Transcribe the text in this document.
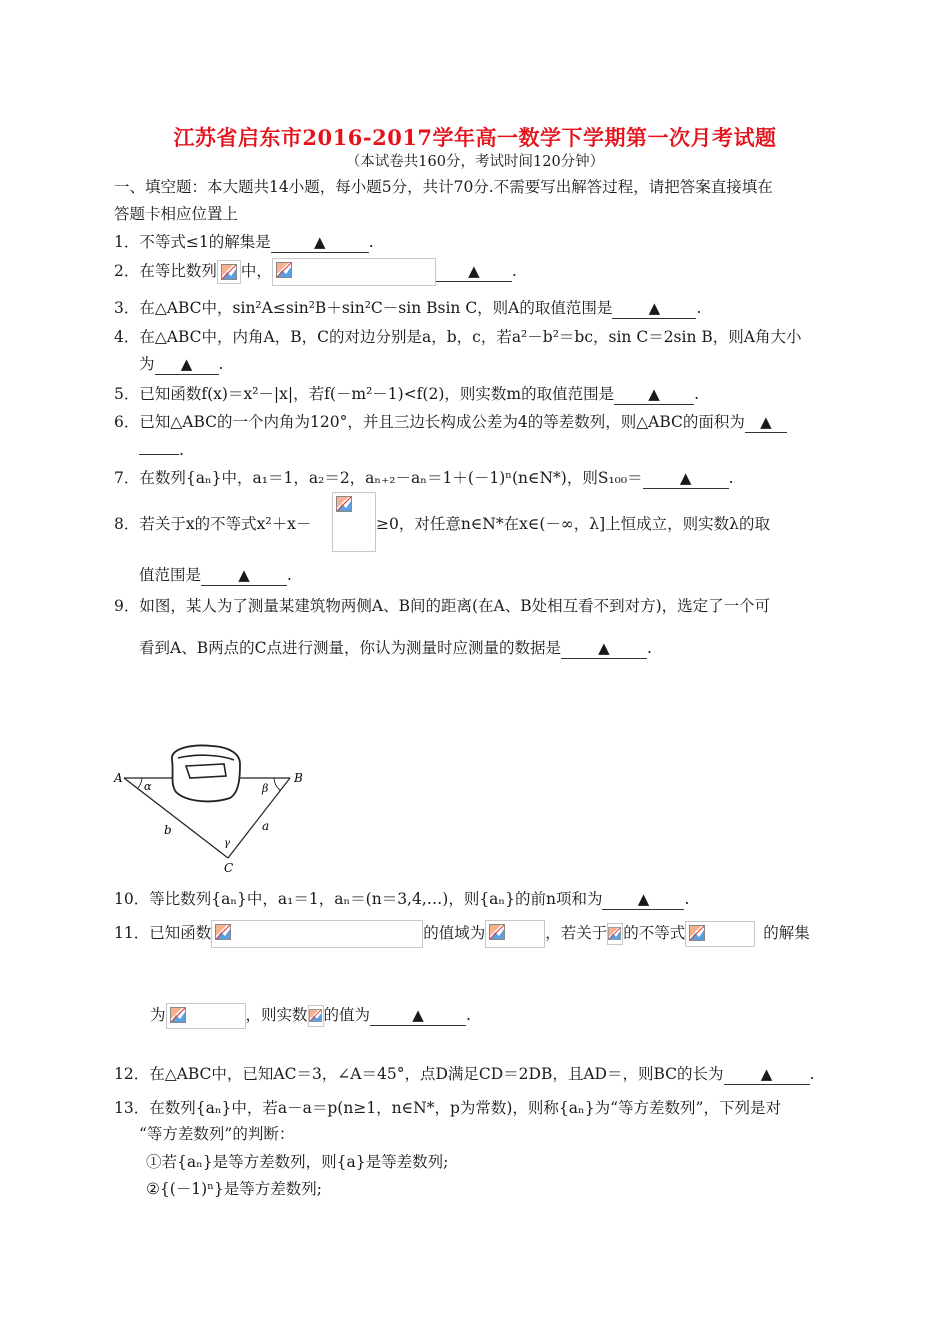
江苏省启东市2016-2017学年高一数学下学期第一次月考试题
（本试卷共160分，考试时间120分钟）
一、填空题：本大题共14小题，每小题5分，共计70分.不需要写出解答过程，请把答案直接填在
答题卡相应位置上
1．不等式≤1的解集是	▲	.
2．在等比数列 中，	▲ .
3．在△ABC中，sin²A≤sin²B＋sin²C－sin Bsin C，则A的取值范围是 ▲ .
4．在△ABC中，内角A，B，C的对边分别是a，b，c，若a²－b²＝bc，sin C＝2sin B，则A角大小
为 ▲ .
5．已知函数f(x)＝x²－|x|，若f(－m²－1)<f(2)，则实数m的取值范围是 ▲ .
6．已知△ABC的一个内角为120°，并且三边长构成公差为4的等差数列，则△ABC的面积为 ▲
.
7．在数列{aₙ}中，a₁＝1，a₂＝2，aₙ₊₂－aₙ＝1＋(－1)ⁿ(n∈N*)，则S₁₀₀＝ ▲ .
8．若关于x的不等式x²＋x－	≥0，对任意n∈N*在x∈(－∞，λ]上恒成立，则实数λ的取
值范围是 ▲ .
9．如图，某人为了测量某建筑物两侧A、B间的距离(在A、B处相互看不到对方)，选定了一个可
看到A、B两点的C点进行测量，你认为测量时应测量的数据是 ▲ .
A	B
C
α	β
γ
a
b
10．等比数列{aₙ}中，a₁＝1，aₙ＝(n＝3,4,…)，则{aₙ}的前n项和为 ▲ .
11．已知函数	的值域为	，若关于 的不等式	的解集
为	，则实数 的值为	▲	.
12．在△ABC中，已知AC＝3，∠A＝45°，点D满足CD＝2DB，且AD＝，则BC的长为 ▲ .
13．在数列{aₙ}中，若a－a＝p(n≥1，n∈N*，p为常数)，则称{aₙ}为“等方差数列”，下列是对
“等方差数列”的判断：
①若{aₙ}是等方差数列，则{a}是等差数列;
②{(－1)ⁿ}是等方差数列;
